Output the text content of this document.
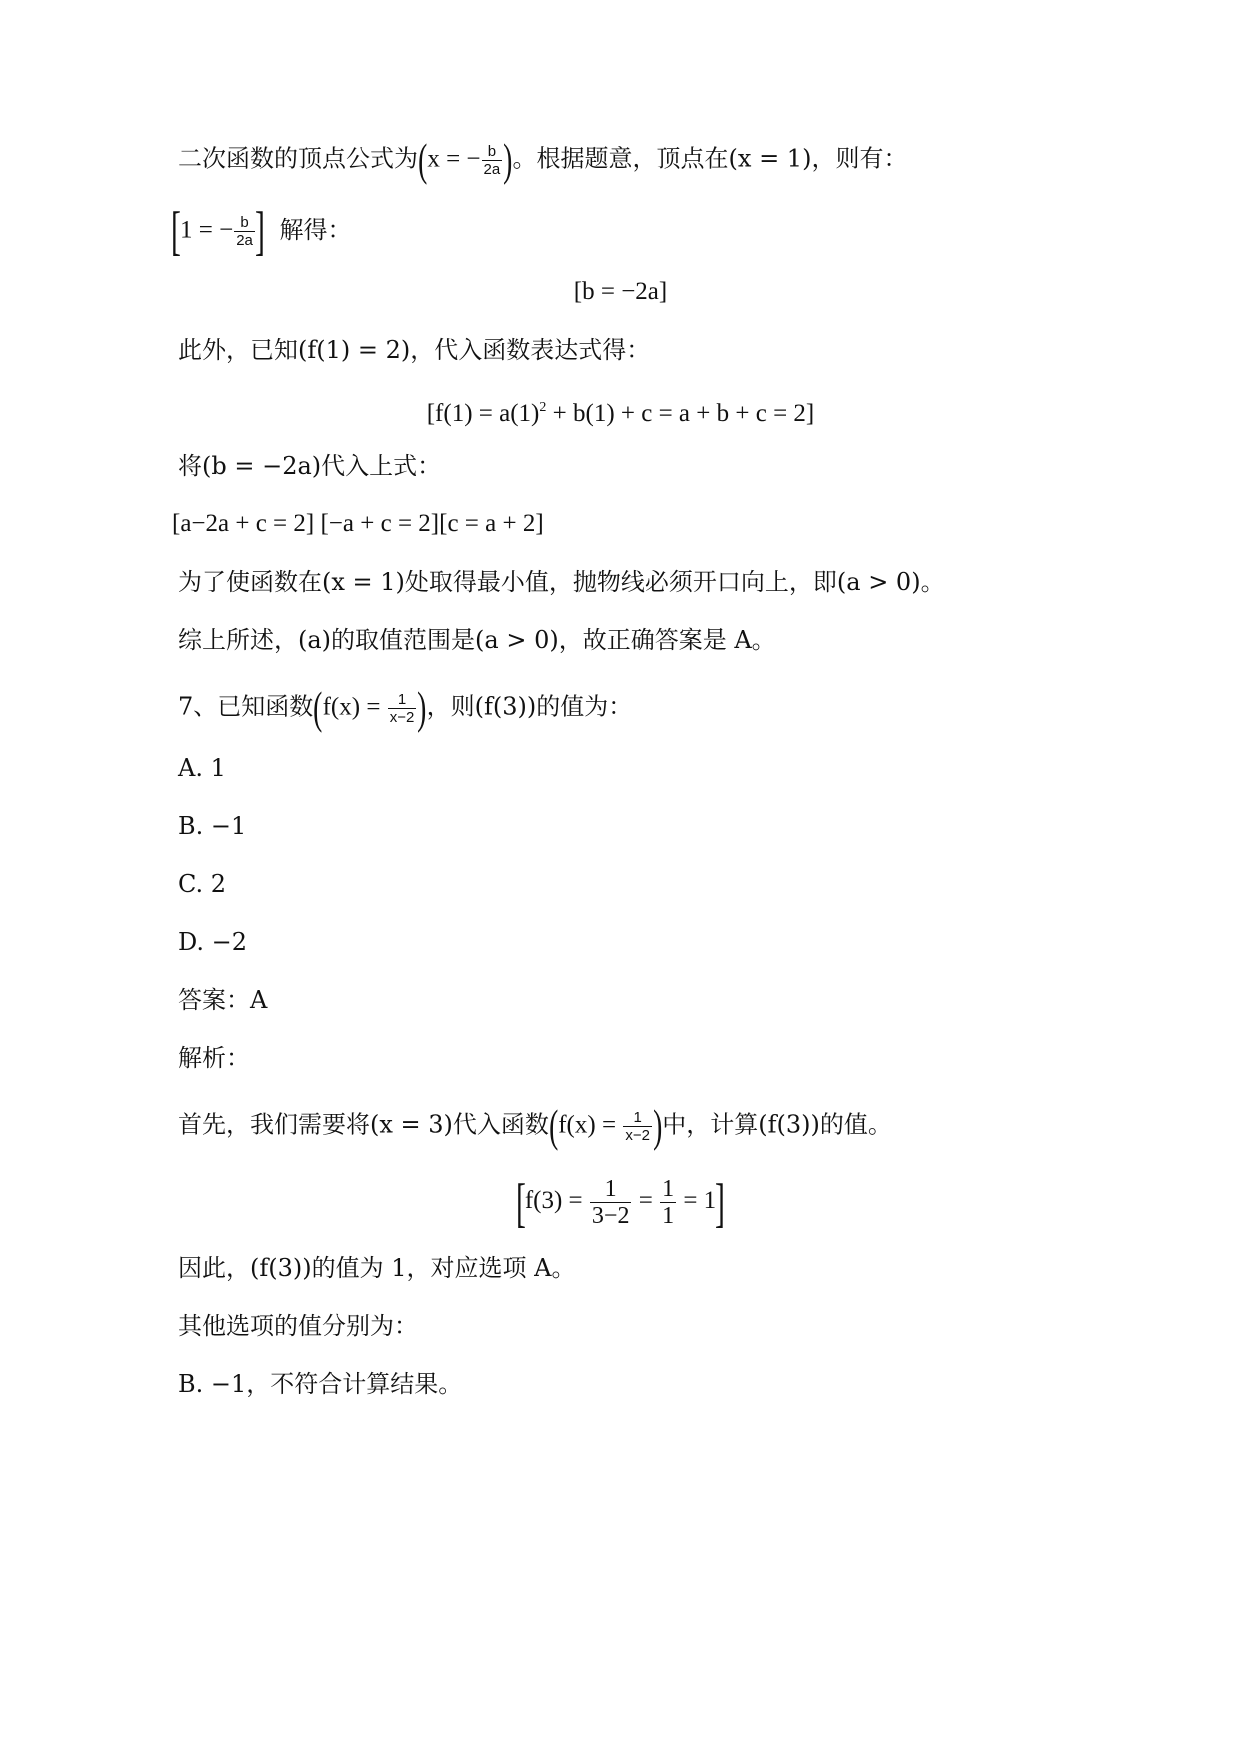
二次函数的顶点公式为(x = − $\frac{b}{2a}$ )。根据题意，顶点在(x = 1)，则有：
[1 = − $\frac{b}{2a}$ ] 解得：
[b = −2a]
此外，已知(f(1) = 2)，代入函数表达式得：
$[f(1) = a(1)^2 + b(1) + c = a + b + c = 2]$
将(b = −2a)代入上式：
[a−2a + c = 2] [−a + c = 2][c = a + 2]
为了使函数在(x = 1)处取得最小值，抛物线必须开口向上，即(a > 0)。
综上所述，(a)的取值范围是(a > 0)，故正确答案是 A。
7、已知函数($f(x) = \frac{1}{x-2}$ )，则(f(3))的值为：
A. 1
B. −1
C. 2
D. −2
答案：A
解析：
首先，我们需要将(x = 3)代入函数($f(x) = \frac{1}{x-2}$ )中，计算(f(3))的值。
$[f(3) = \frac{1}{3-2} = \frac{1}{1} = 1]$
因此，(f(3))的值为 1，对应选项 A。
其他选项的值分别为：
B. −1，不符合计算结果。
